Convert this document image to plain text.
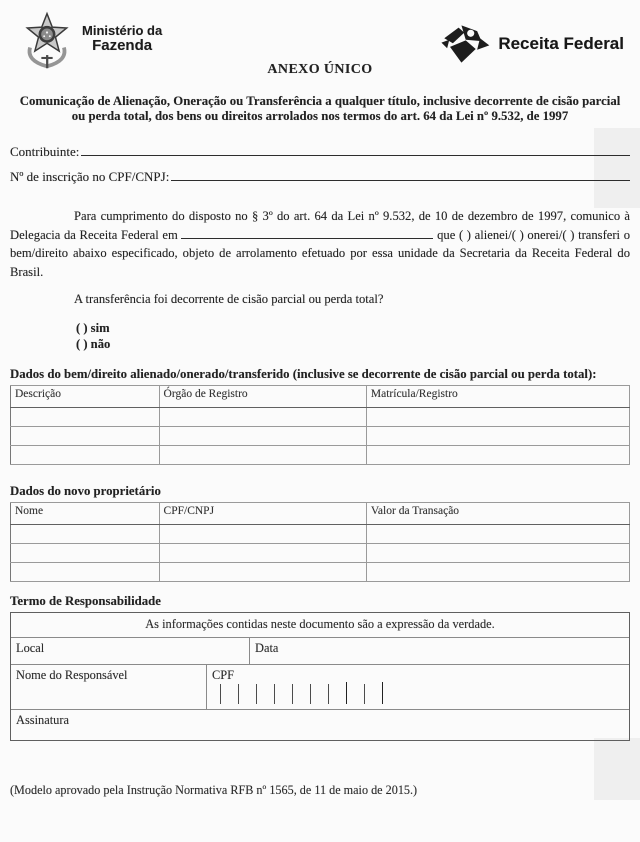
Ministério da
Fazenda	Receita Federal
ANEXO ÚNICO

Comunicação de Alienação, Oneração ou Transferência a qualquer título, inclusive decorrente de cisão parcial ou perda total, dos bens ou direitos arrolados nos termos do art. 64 da Lei nº 9.532, de 1997

Contribuinte:
Nº de inscrição no CPF/CNPJ:

Para cumprimento do disposto no § 3º do art. 64 da Lei nº 9.532, de 10 de dezembro de 1997, comunico à Delegacia da Receita Federal em	que ( ) alienei/( ) onerei/( ) transferi o bem/direito abaixo especificado, objeto de arrolamento efetuado por essa unidade da Secretaria da Receita Federal do Brasil.

A transferência foi decorrente de cisão parcial ou perda total?
( ) sim
( ) não
Dados do bem/direito alienado/onerado/transferido (inclusive se decorrente de cisão parcial ou perda total):
Descrição	Órgão de Registro	Matrícula/Registro

Dados do novo proprietário
Nome	CPF/CNPJ	Valor da Transação

Termo de Responsabilidade
As informações contidas neste documento são a expressão da verdade.
Local	Data
Nome do Responsável	CPF
Assinatura

(Modelo aprovado pela Instrução Normativa RFB nº 1565, de 11 de maio de 2015.)
